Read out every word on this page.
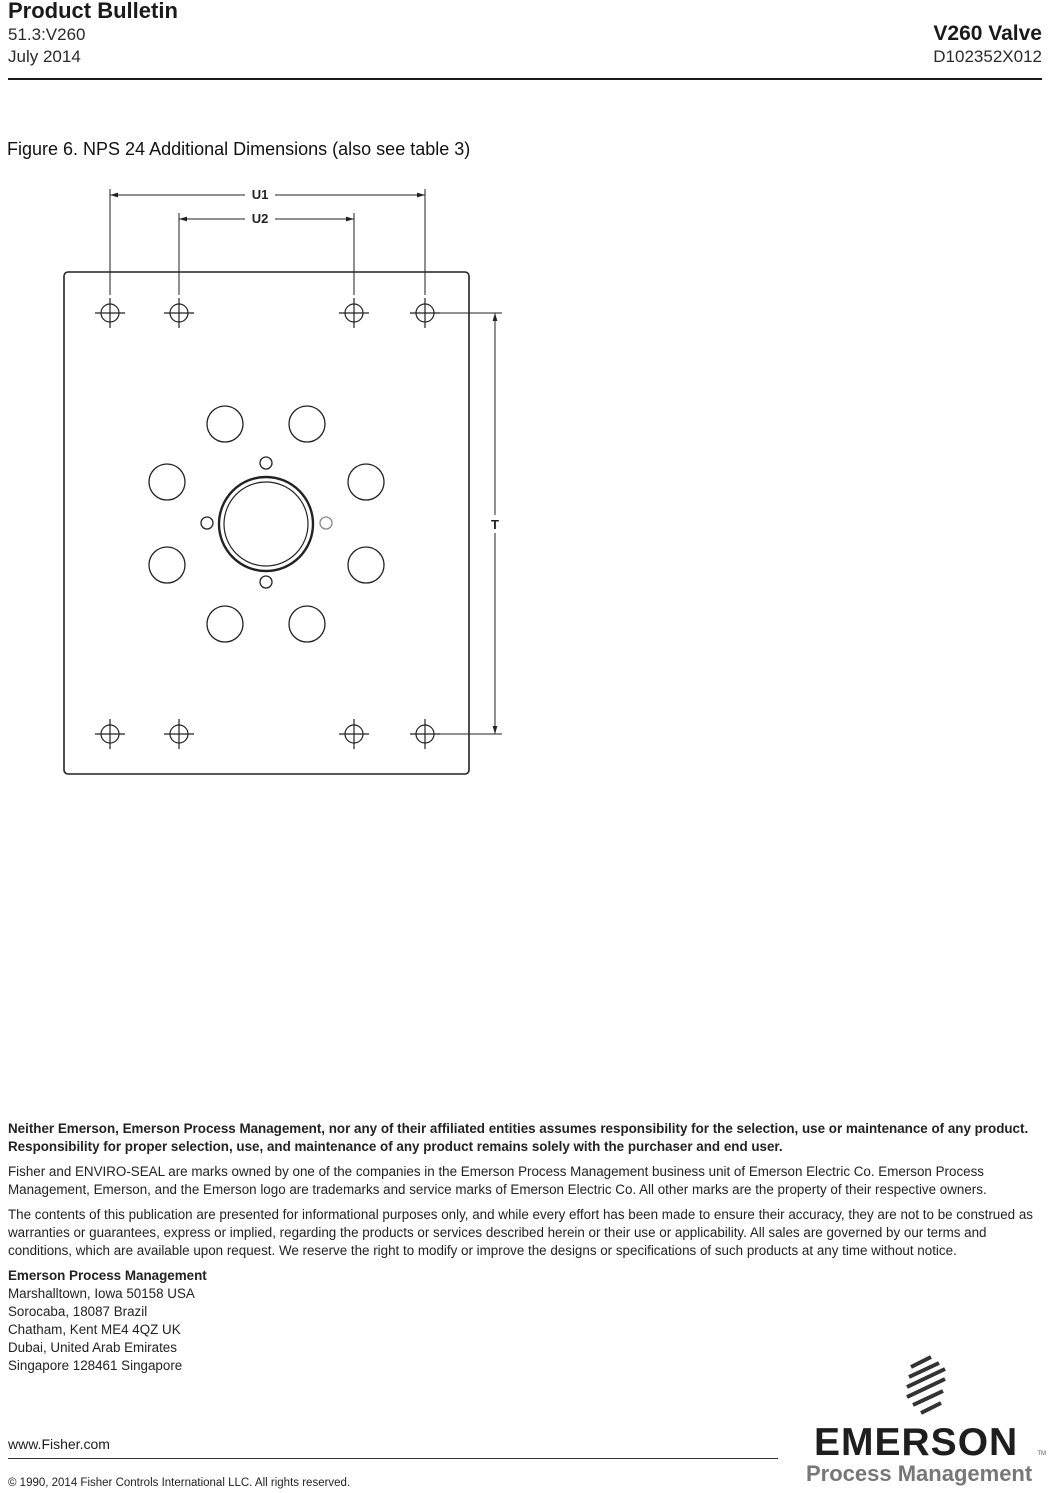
Product Bulletin
51.3:V260
July 2014
V260 Valve
D102352X012
Figure 6. NPS 24 Additional Dimensions (also see table 3)
U1
U2
T

Neither Emerson, Emerson Process Management, nor any of their affiliated entities assumes responsibility for the selection, use or maintenance of any product. Responsibility for proper selection, use, and maintenance of any product remains solely with the purchaser and end user.

Fisher and ENVIRO-SEAL are marks owned by one of the companies in the Emerson Process Management business unit of Emerson Electric Co. Emerson Process Management, Emerson, and the Emerson logo are trademarks and service marks of Emerson Electric Co. All other marks are the property of their respective owners.

The contents of this publication are presented for informational purposes only, and while every effort has been made to ensure their accuracy, they are not to be construed as warranties or guarantees, express or implied, regarding the products or services described herein or their use or applicability. All sales are governed by our terms and conditions, which are available upon request. We reserve the right to modify or improve the designs or specifications of such products at any time without notice.

Emerson Process Management
Marshalltown, Iowa 50158 USA
Sorocaba, 18087 Brazil
Chatham, Kent ME4 4QZ UK
Dubai, United Arab Emirates
Singapore 128461 Singapore
www.Fisher.com
© 1990, 2014 Fisher Controls International LLC. All rights reserved.
EMERSON	TM
Process Management
